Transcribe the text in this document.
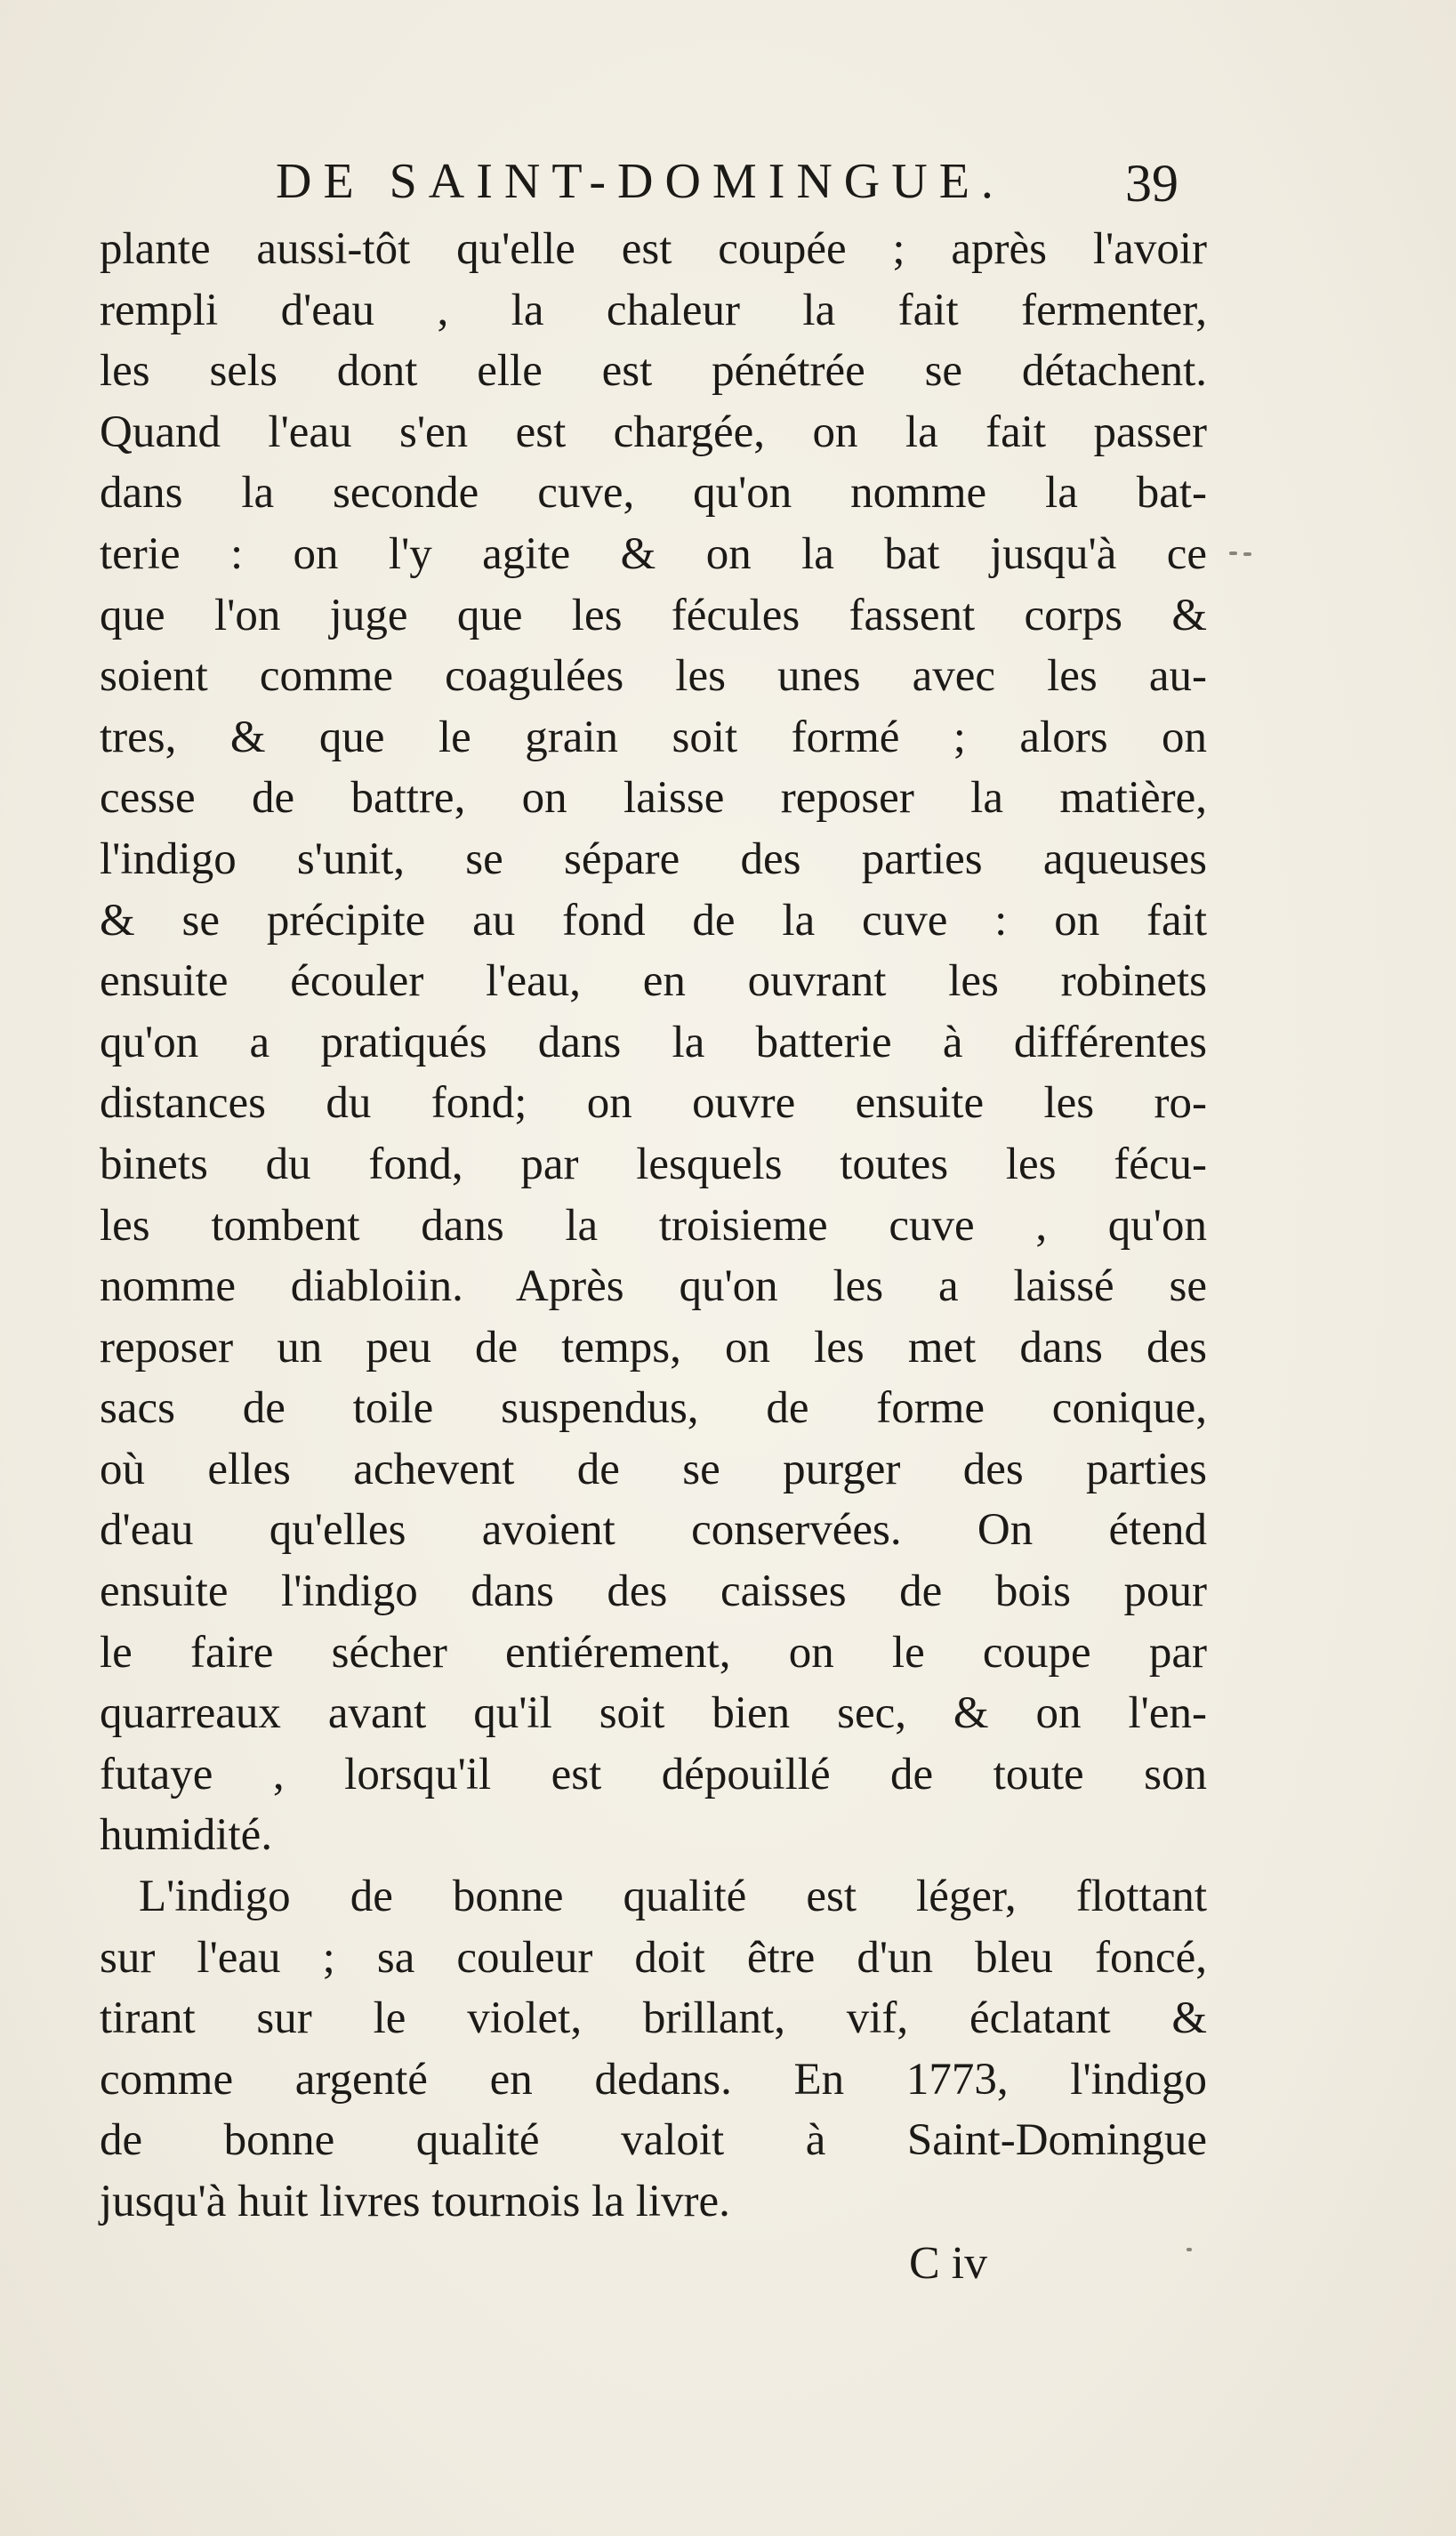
DE SAINT-DOMINGUE. 39
plante aussi-tôt qu'elle est coupée ; après l'avoir
rempli d'eau , la chaleur la fait fermenter,
les sels dont elle est pénétrée se détachent.
Quand l'eau s'en est chargée, on la fait passer
dans la seconde cuve, qu'on nomme la bat-
terie : on l'y agite & on la bat jusqu'à ce
que l'on juge que les fécules fassent corps &
soient comme coagulées les unes avec les au-
tres, & que le grain soit formé ; alors on
cesse de battre, on laisse reposer la matière,
l'indigo s'unit, se sépare des parties aqueuses
& se précipite au fond de la cuve : on fait
ensuite écouler l'eau, en ouvrant les robinets
qu'on a pratiqués dans la batterie à différentes
distances du fond; on ouvre ensuite les ro-
binets du fond, par lesquels toutes les fécu-
les tombent dans la troisieme cuve , qu'on
nomme diabloiin. Après qu'on les a laissé se
reposer un peu de temps, on les met dans des
sacs de toile suspendus, de forme conique,
où elles achevent de se purger des parties
d'eau qu'elles avoient conservées. On étend
ensuite l'indigo dans des caisses de bois pour
le faire sécher entiérement, on le coupe par
quarreaux avant qu'il soit bien sec, & on l'en-
futaye , lorsqu'il est dépouillé de toute son
humidité.
L'indigo de bonne qualité est léger, flottant
sur l'eau ; sa couleur doit être d'un bleu foncé,
tirant sur le violet, brillant, vif, éclatant &
comme argenté en dedans. En 1773, l'indigo
de bonne qualité valoit à Saint-Domingue
jusqu'à huit livres tournois la livre.
C iv
